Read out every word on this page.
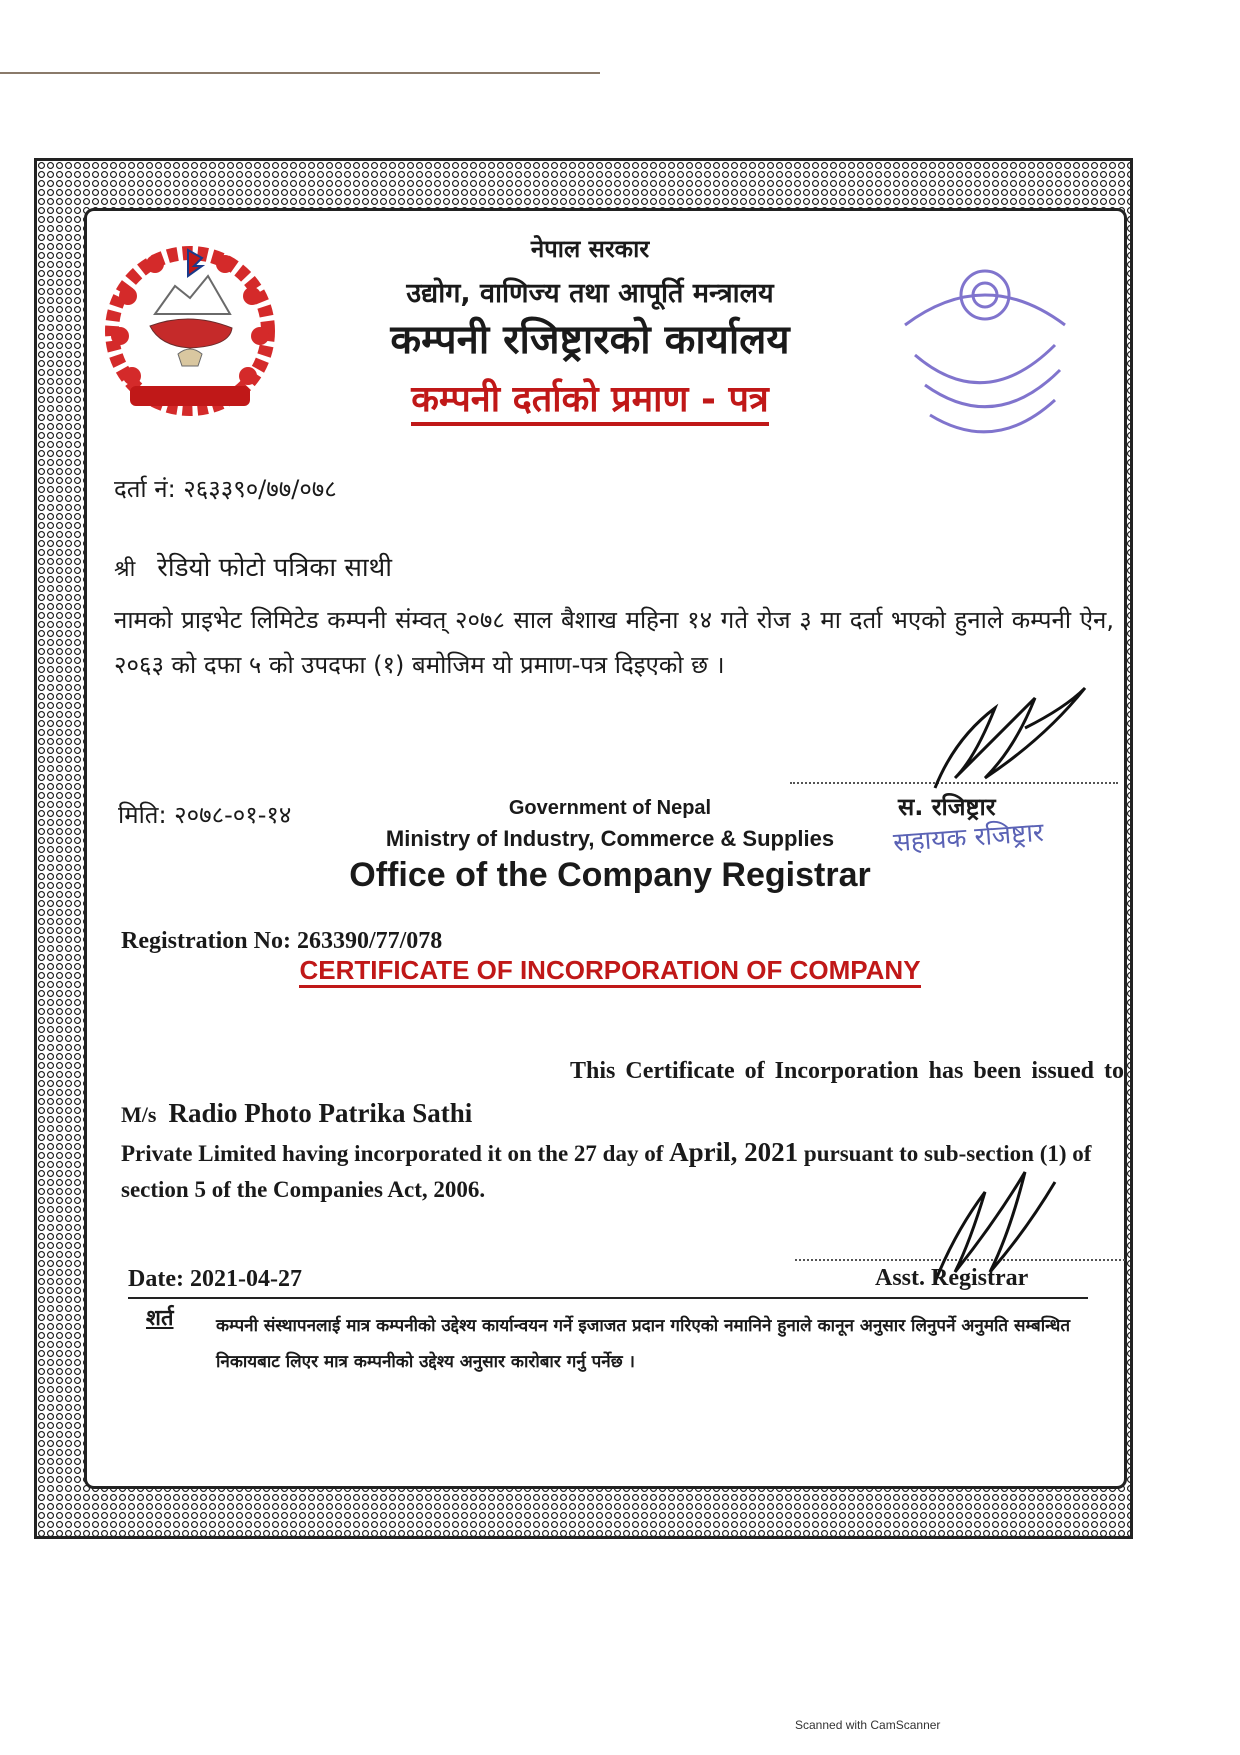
नेपाल सरकार
उद्योग, वाणिज्य तथा आपूर्ति मन्त्रालय
कम्पनी रजिष्ट्रारको कार्यालय
कम्पनी दर्ताको प्रमाण - पत्र
दर्ता नं: २६३३९०/७७/०७८
श्री रेडियो फोटो पत्रिका साथी
नामको प्राइभेट लिमिटेड कम्पनी संम्वत् २०७८ साल बैशाख महिना १४ गते रोज ३ मा दर्ता भएको हुनाले कम्पनी ऐन, २०६३ को दफा ५ को उपदफा (१) बमोजिम यो प्रमाण-पत्र दिइएको छ ।
मिति: २०७८-०१-१४	स. रजिष्ट्रार
सहायक रजिष्ट्रार
Government of Nepal
Ministry of Industry, Commerce & Supplies
Office of the Company Registrar
Registration No: 263390/77/078
CERTIFICATE OF INCORPORATION OF COMPANY
This Certificate of Incorporation has been issued to
M/s Radio Photo Patrika Sathi
Private Limited having incorporated it on the 27 day of April, 2021 pursuant to sub-section (1) of section 5 of the Companies Act, 2006.
Date: 2021-04-27	Asst. Registrar
शर्त कम्पनी संस्थापनलाई मात्र कम्पनीको उद्देश्य कार्यान्वयन गर्ने इजाजत प्रदान गरिएको नमानिने हुनाले कानून अनुसार लिनुपर्ने अनुमति सम्बन्धित निकायबाट लिएर मात्र कम्पनीको उद्देश्य अनुसार कारोबार गर्नु पर्नेछ ।
Scanned with CamScanner
